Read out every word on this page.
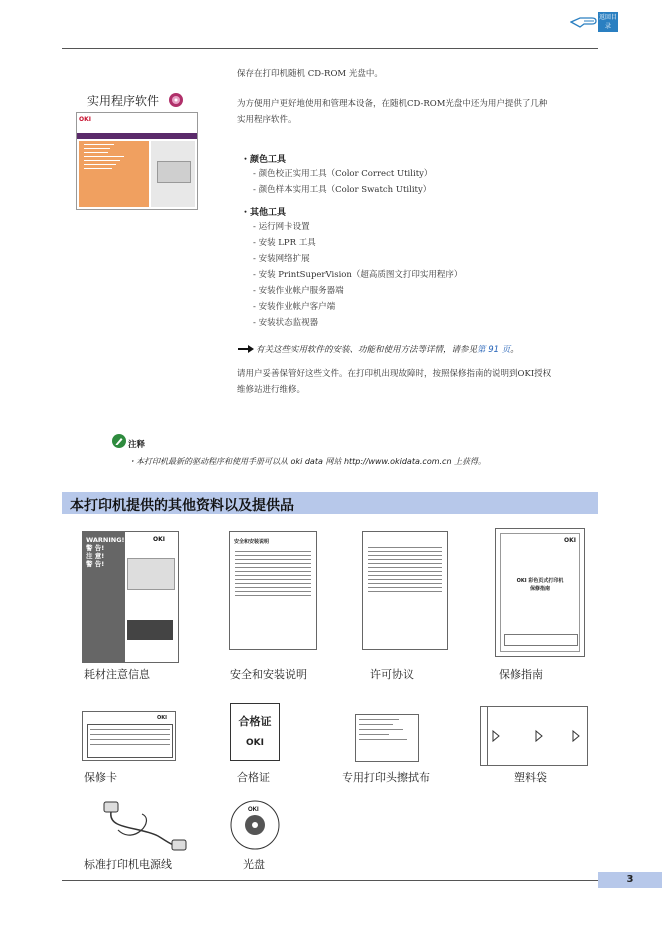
返回目录
实用程序软件
OKI
保存在打印机随机 CD-ROM 光盘中。
为方便用户更好地使用和管理本设备，在随机CD-ROM光盘中还为用户提供了几种
实用程序软件。
・颜色工具
- 颜色校正实用工具（Color Correct Utility）
- 颜色样本实用工具（Color Swatch Utility）
・其他工具
- 运行网卡设置
- 安装 LPR 工具
- 安装网络扩展
- 安装 PrintSuperVision（超高质图文打印实用程序）
- 安装作业帐户服务器端
- 安装作业帐户客户端
- 安装状态监视器
有关这些实用软件的安装、功能和使用方法等详情，请参见 第 91 页 。
请用户妥善保管好这些文件。在打印机出现故障时，按照保修指南的说明到OKI授权
维修站进行维修。
注释
・本打印机最新的驱动程序和使用手册可以从 oki data 网站 http://www.okidata.com.cn 上获得。
本打印机提供的其他资料以及提供品
WARNING!
警 告!
注 意!
警 告!
OKI
耗材注意信息
安全和安装说明
安全和安装说明	许可协议
OKI
OKI 彩色页式打印机
保修指南
保修指南
OKI
保修卡
合格证
OKI
合格证	专用打印头擦拭布	塑料袋
标准打印机电源线
OKI
光盘
3
